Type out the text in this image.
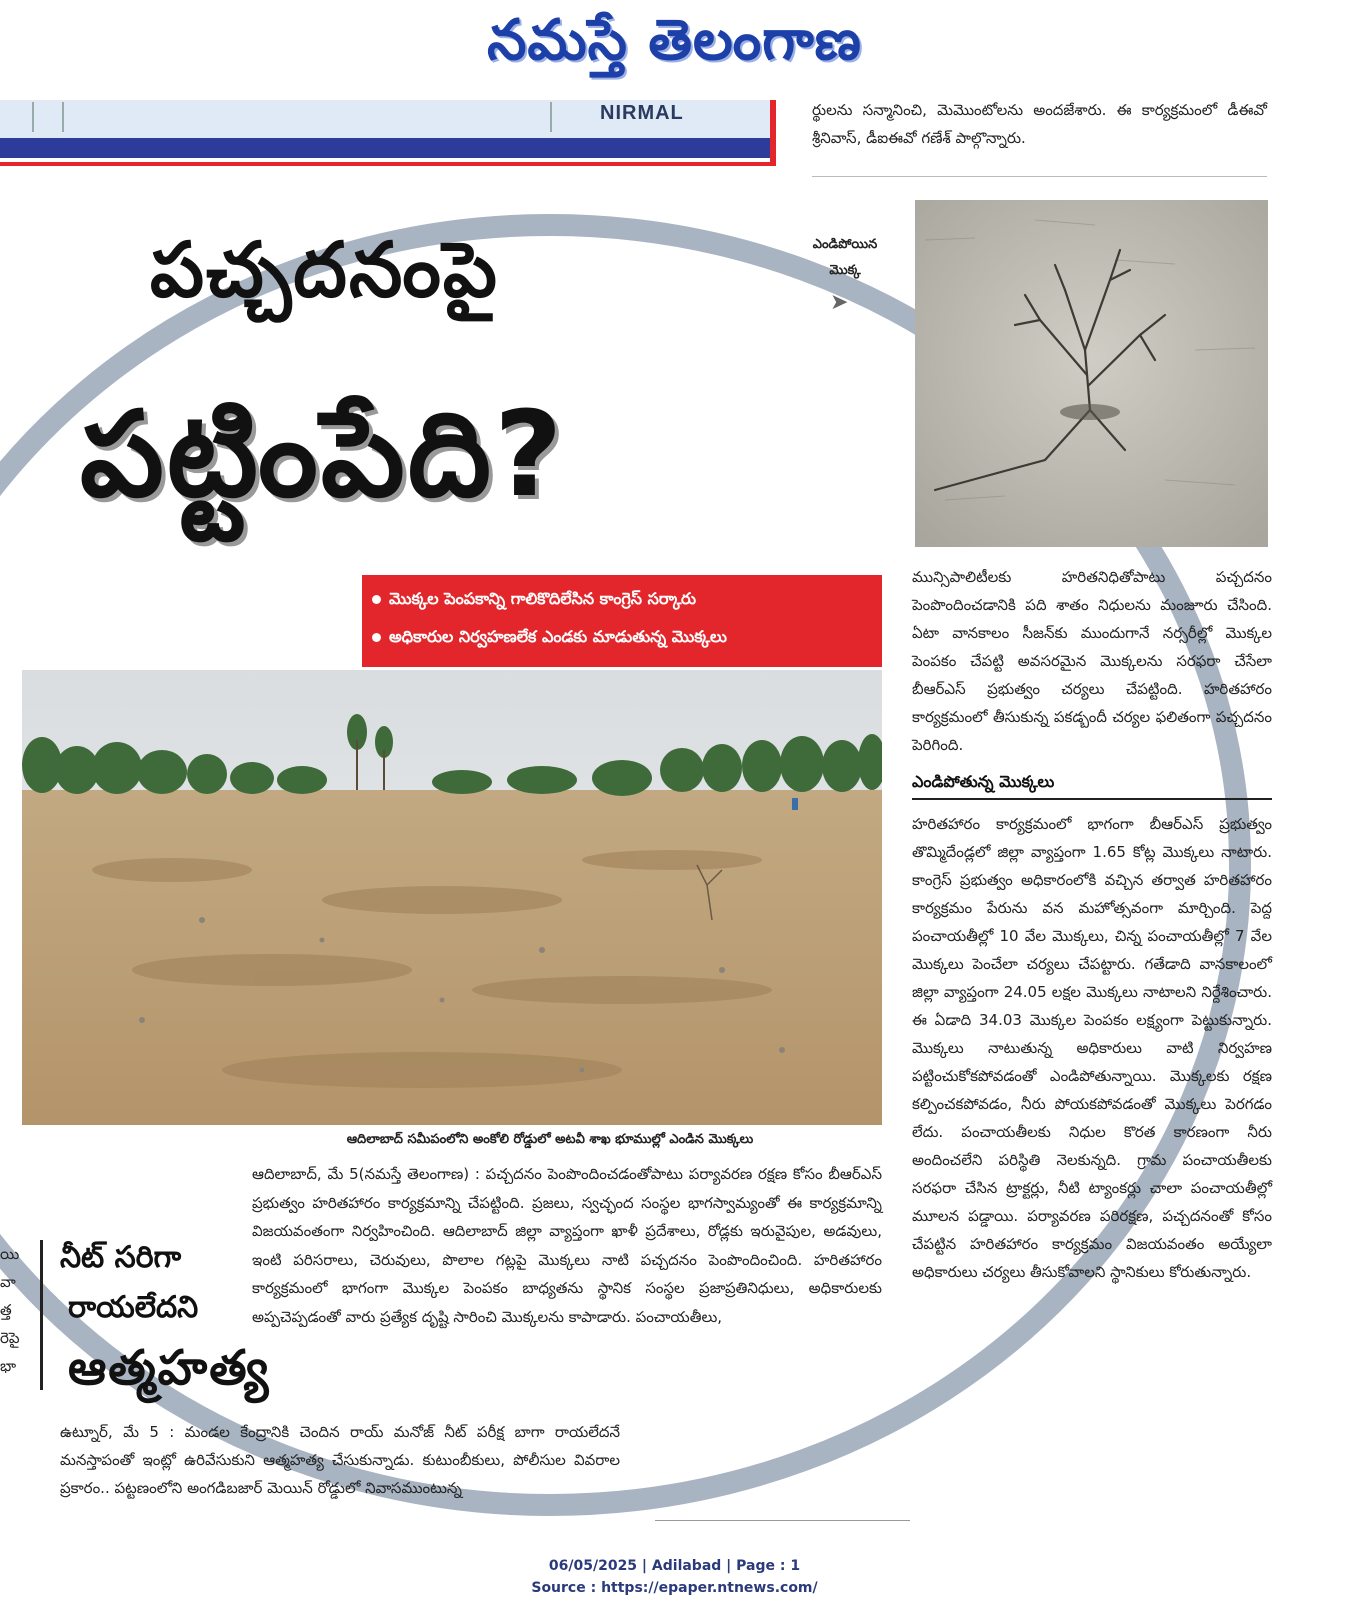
నమస్తే తెలంగాణ
NIRMAL	ర్థులను సన్మానించి, మెమొంటోలను అందజేశారు. ఈ కార్యక్రమంలో డీఈవో శ్రీనివాస్‌, డీఐఈవో గణేశ్‌ పాల్గొన్నారు.
పచ్చదనంపై
పట్టింపేది?
ఎండిపోయిన
మొక్క
➤
మొక్కల పెంపకాన్ని గాలికొదిలేసిన కాంగ్రెస్‌ సర్కారు
అధికారుల నిర్వహణలేక ఎండకు మాడుతున్న మొక్కలు
ఆదిలాబాద్‌ సమీపంలోని అంకోలి రోడ్డులో అటవీ శాఖ భూముల్లో ఎండిన మొక్కలు
ఆదిలాబాద్‌, మే 5(నమస్తే తెలంగాణ) : పచ్చదనం పెంపొందించడంతోపాటు పర్యావరణ రక్షణ కోసం బీఆర్‌ఎస్‌ ప్రభుత్వం హరితహారం కార్యక్రమాన్ని చేపట్టింది. ప్రజలు, స్వచ్ఛంద సంస్థల భాగస్వామ్యంతో ఈ కార్యక్రమాన్ని విజయవంతంగా నిర్వహించింది. ఆదిలాబాద్‌ జిల్లా వ్యాప్తంగా ఖాళీ ప్రదేశాలు, రోడ్లకు ఇరువైపుల, అడవులు, ఇంటి పరిసరాలు, చెరువులు, పొలాల గట్లపై మొక్కలు నాటి పచ్చదనం పెంపొందించింది. హరితహారం కార్యక్రమంలో భాగంగా మొక్కల పెంపకం బాధ్యతను స్థానిక సంస్థల ప్రజాప్రతినిధులు, అధికారులకు అప్పచెప్పడంతో వారు ప్రత్యేక దృష్టి సారించి మొక్కలను కాపాడారు. పంచాయతీలు,
మున్సిపాలిటీలకు హరితనిధితోపాటు పచ్చదనం పెంపొందించడానికి పది శాతం నిధులను మంజూరు చేసింది. ఏటా వానకాలం సీజన్‌కు ముందుగానే నర్సరీల్లో మొక్కల పెంపకం చేపట్టి అవసరమైన మొక్కలను సరఫరా చేసేలా బీఆర్‌ఎస్‌ ప్రభుత్వం చర్యలు చేపట్టింది. హరితహారం కార్యక్రమంలో తీసుకున్న పకడ్బందీ చర్యల ఫలితంగా పచ్చదనం పెరిగింది.
ఎండిపోతున్న మొక్కలు
హరితహారం కార్యక్రమంలో భాగంగా బీఆర్‌ఎస్‌ ప్రభుత్వం తొమ్మిదేండ్లలో జిల్లా వ్యాప్తంగా 1.65 కోట్ల మొక్కలు నాటారు. కాంగ్రెస్‌ ప్రభుత్వం అధికారంలోకి వచ్చిన తర్వాత హరితహారం కార్యక్రమం పేరును వన మహోత్సవంగా మార్చింది. పెద్ద పంచాయతీల్లో 10 వేల మొక్కలు, చిన్న పంచాయతీల్లో 7 వేల మొక్కలు పెంచేలా చర్యలు చేపట్టారు. గతేడాది వానకాలంలో జిల్లా వ్యాప్తంగా 24.05 లక్షల మొక్కలు నాటాలని నిర్దేశించారు. ఈ ఏడాది 34.03 మొక్కల పెంపకం లక్ష్యంగా పెట్టుకున్నారు. మొక్కలు నాటుతున్న అధికారులు వాటి నిర్వహణ పట్టించుకోకపోవడంతో ఎండిపోతున్నాయి. మొక్కలకు రక్షణ కల్పించకపోవడం, నీరు పోయకపోవడంతో మొక్కలు పెరగడం లేదు. పంచాయతీలకు నిధుల కొరత కారణంగా నీరు అందించలేని పరిస్థితి నెలకున్నది. గ్రామ పంచాయతీలకు సరఫరా చేసిన ట్రాక్టర్లు, నీటి ట్యాంకర్లు చాలా పంచాయతీల్లో మూలన పడ్డాయి. పర్యావరణ పరిరక్షణ, పచ్చదనంతో కోసం చేపట్టిన హరితహారం కార్యక్రమం విజయవంతం అయ్యేలా అధికారులు చర్యలు తీసుకోవాలని స్థానికులు కోరుతున్నారు.
నీట్‌ సరిగా
రాయలేదని
ఆత్మహత్య
ఉట్నూర్‌, మే 5 : మండల కేంద్రానికి చెందిన రాయ్‌ మనోజ్‌ నీట్‌ పరీక్ష బాగా రాయలేదనే మనస్తాపంతో ఇంట్లో ఉరివేసుకుని ఆత్మహత్య చేసుకున్నాడు. కుటుంబీకులు, పోలీసుల వివరాల ప్రకారం.. పట్టణంలోని అంగడిబజార్‌ మెయిన్‌ రోడ్డులో నివాసముంటున్న
యి
వా
త్త
రెపై
భా
06/05/2025 | Adilabad | Page : 1
Source : https://epaper.ntnews.com/
